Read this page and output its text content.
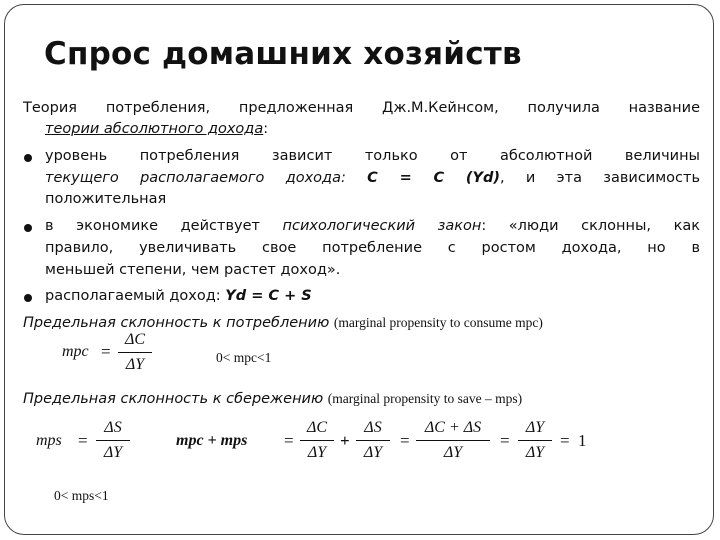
Спрос домашних хозяйств
Теория потребления, предложенная Дж.М.Кейнсом, получила название
теории абсолютного дохода:
уровень потребления зависит только от абсолютной величины
текущего располагаемого дохода: C = C (Yd), и эта зависимость
положительная
в экономике действует психологический закон: «люди склонны, как
правило, увеличивать свое потребление с ростом дохода, но в
меньшей степени, чем растет доход».
располагаемый доход: Yd = C + S
Предельная склонность к потреблению (marginal propensity to consume mpc)
mpc =
ΔC
ΔY	0< mpc<1
Предельная склонность к сбережению (marginal propensity to save – mps)
mps =
ΔS
ΔY
mpc + mps =
ΔC
ΔY
+
ΔS
ΔY
=
ΔC + ΔS
ΔY
=
ΔY
ΔY
= 1
0< mps<1
